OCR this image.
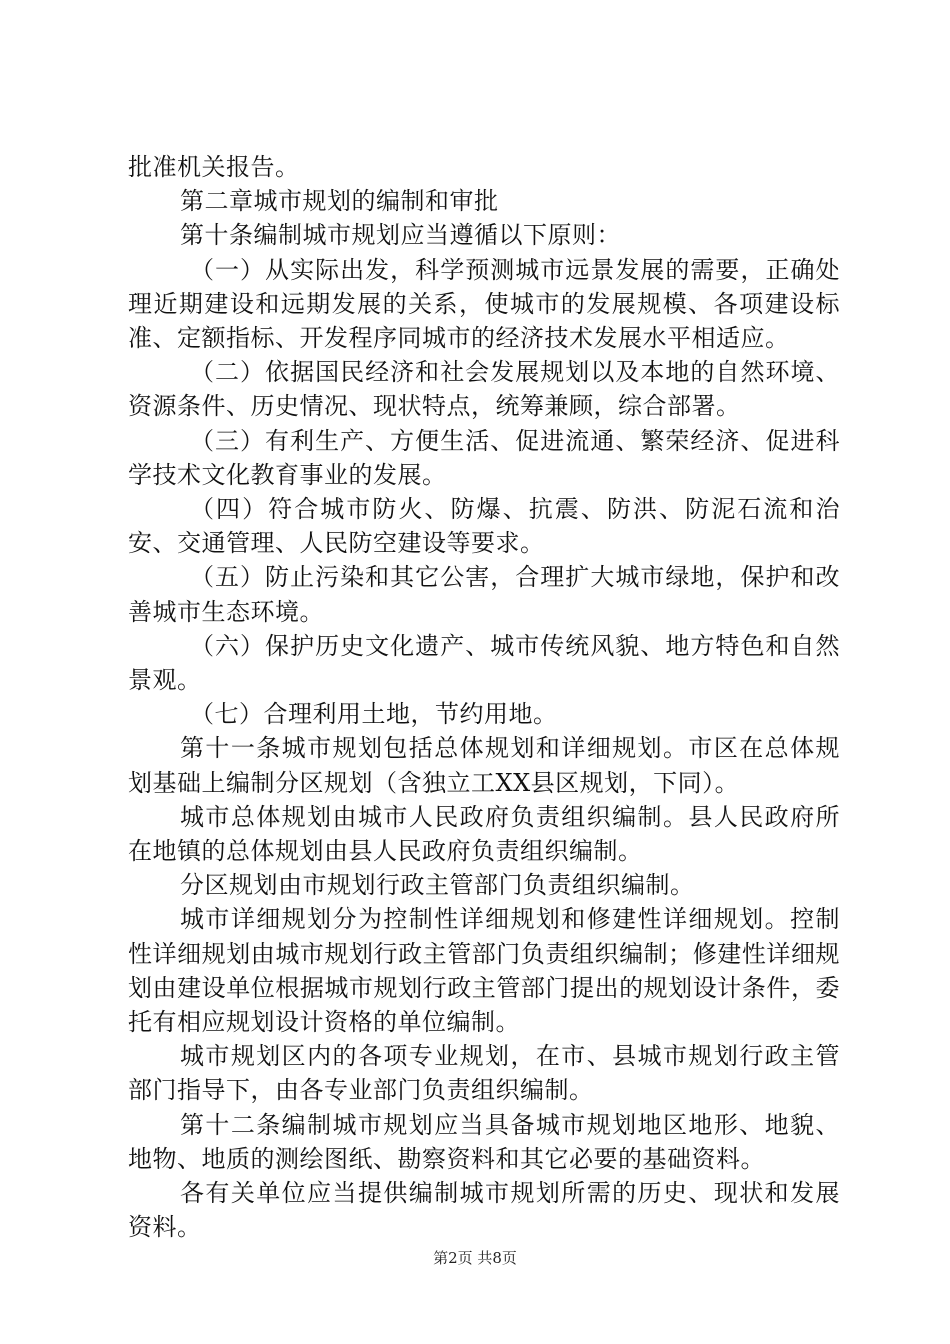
批准机关报告。

第二章城市规划的编制和审批

第十条编制城市规划应当遵循以下原则：

（一）从实际出发，科学预测城市远景发展的需要，正确处理近期建设和远期发展的关系，使城市的发展规模、各项建设标准、定额指标、开发程序同城市的经济技术发展水平相适应。

（二）依据国民经济和社会发展规划以及本地的自然环境、资源条件、历史情况、现状特点，统筹兼顾，综合部署。

（三）有利生产、方便生活、促进流通、繁荣经济、促进科学技术文化教育事业的发展。

（四）符合城市防火、防爆、抗震、防洪、防泥石流和治安、交通管理、人民防空建设等要求。

（五）防止污染和其它公害，合理扩大城市绿地，保护和改善城市生态环境。

（六）保护历史文化遗产、城市传统风貌、地方特色和自然景观。

（七）合理利用土地，节约用地。

第十一条城市规划包括总体规划和详细规划。市区在总体规划基础上编制分区规划（含独立工XX县区规划，下同）。

城市总体规划由城市人民政府负责组织编制。县人民政府所在地镇的总体规划由县人民政府负责组织编制。

分区规划由市规划行政主管部门负责组织编制。

城市详细规划分为控制性详细规划和修建性详细规划。控制性详细规划由城市规划行政主管部门负责组织编制；修建性详细规划由建设单位根据城市规划行政主管部门提出的规划设计条件，委托有相应规划设计资格的单位编制。

城市规划区内的各项专业规划，在市、县城市规划行政主管部门指导下，由各专业部门负责组织编制。

第十二条编制城市规划应当具备城市规划地区地形、地貌、地物、地质的测绘图纸、勘察资料和其它必要的基础资料。

各有关单位应当提供编制城市规划所需的历史、现状和发展资料。

第2页 共8页
